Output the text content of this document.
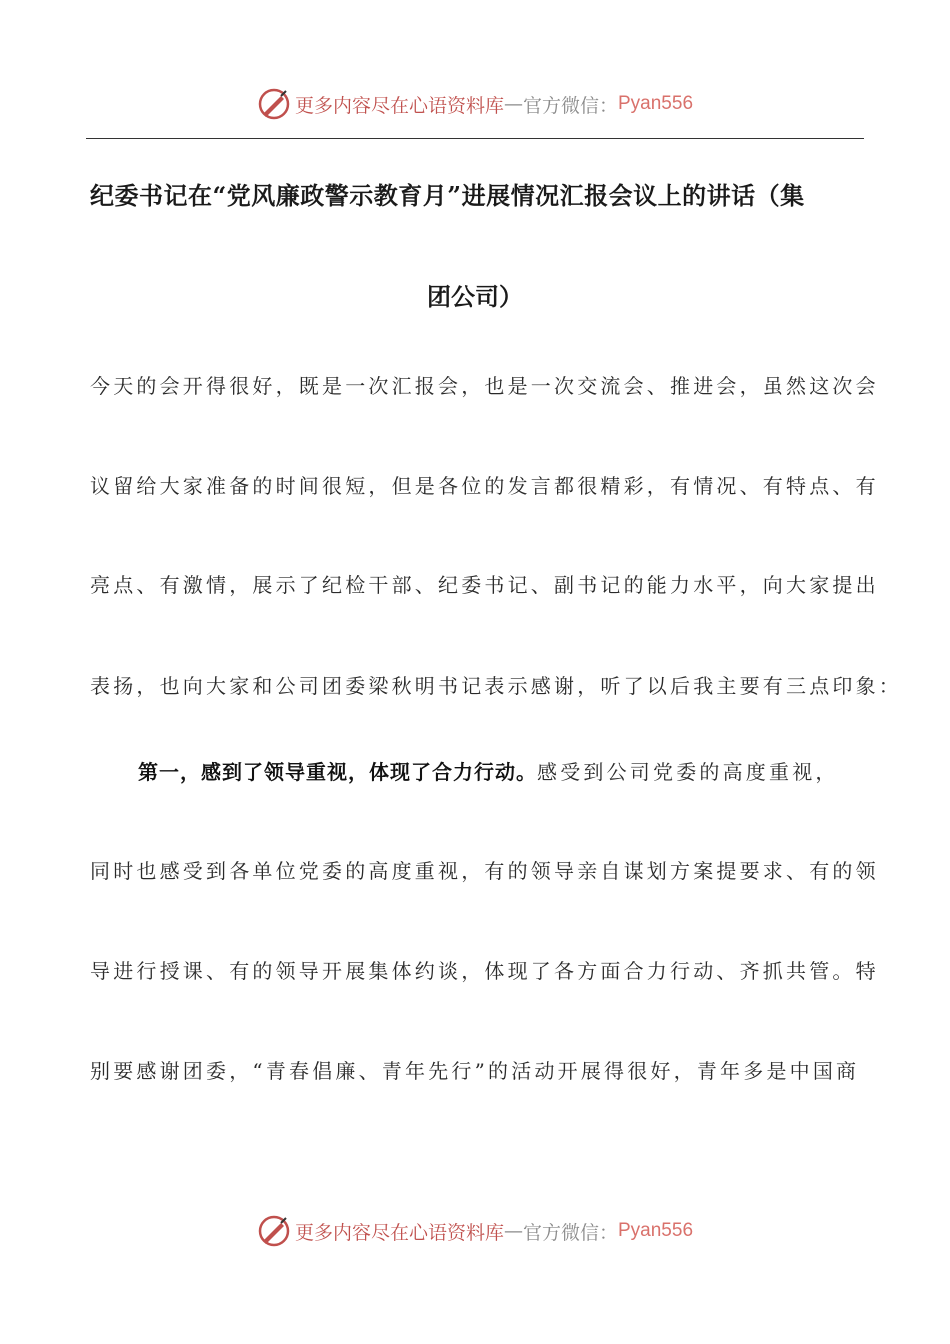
更多内容尽在心语资料库 — 官方微信： Pyan556
纪委书记在“党风廉政警示教育月”进展情况汇报会议上的讲话（集
团公司）
今天的会开得很好，既是一次汇报会，也是一次交流会、推进会，虽然这次会
议留给大家准备的时间很短，但是各位的发言都很精彩，有情况、有特点、有
亮点、有激情，展示了纪检干部、纪委书记、副书记的能力水平，向大家提出
表扬，也向大家和公司团委梁秋明书记表示感谢，听了以后我主要有三点印象：
第一，感到了领导重视，体现了合力行动。感受到公司党委的高度重视，
同时也感受到各单位党委的高度重视，有的领导亲自谋划方案提要求、有的领
导进行授课、有的领导开展集体约谈，体现了各方面合力行动、齐抓共管。特
别要感谢团委，“青春倡廉、青年先行”的活动开展得很好，青年多是中国商
更多内容尽在心语资料库 — 官方微信： Pyan556
